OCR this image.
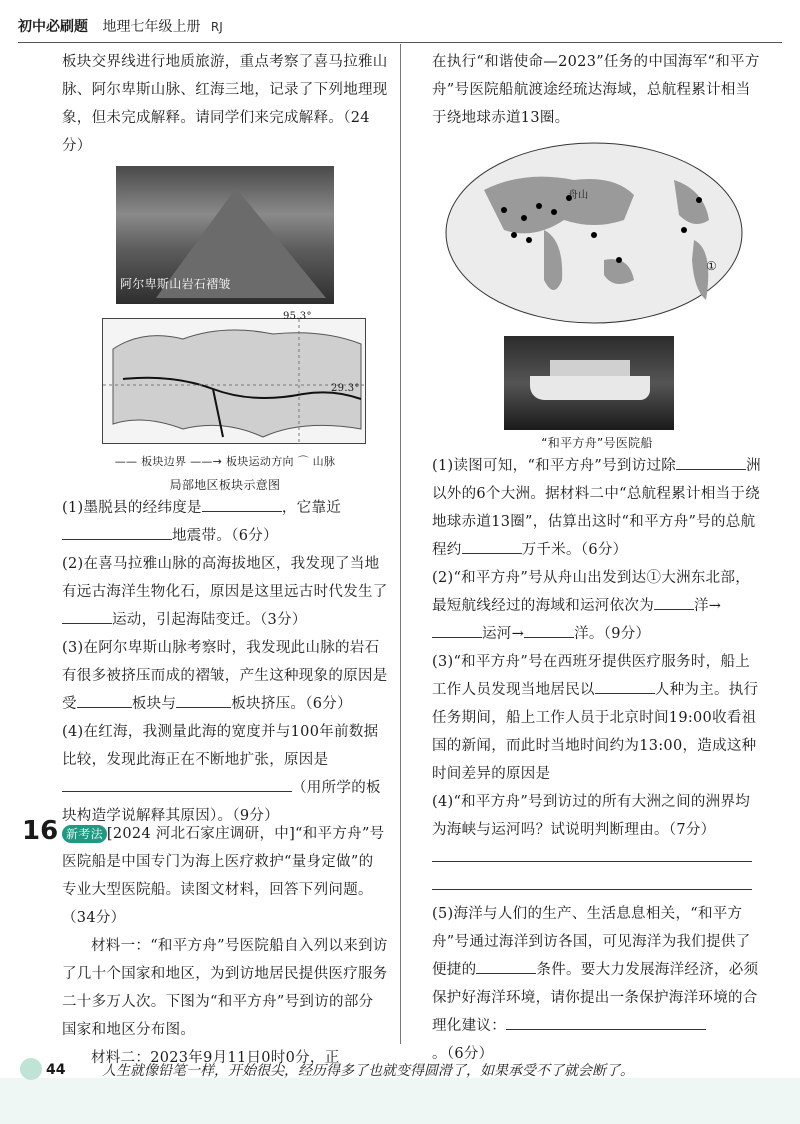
初中必刷题 地理七年级上册 RJ

板块交界线进行地质旅游，重点考察了喜马拉雅山脉、阿尔卑斯山脉、红海三地，记录了下列地理现象，但未完成解释。请同学们来完成解释。（24分）

阿尔卑斯山岩石褶皱
95.3°
29.3°
—— 板块边界 ——→ 板块运动方向 ⌒ 山脉
局部地区板块示意图

(1)墨脱县的经纬度是	，它靠近地震带。（6分）

(2)在喜马拉雅山脉的高海拔地区，我发现了当地有远古海洋生物化石，原因是这里远古时代发生了运动，引起海陆变迁。（3分）

(3)在阿尔卑斯山脉考察时，我发现此山脉的岩石有很多被挤压而成的褶皱，产生这种现象的原因是受	板块与	板块挤压。（6分）

(4)在红海，我测量此海的宽度并与100年前数据比较，发现此海正在不断地扩张，原因是（用所学的板块构造学说解释其原因）。（9分）

16 新考法 [2024 河北石家庄调研，中]“和平方舟”号医院船是中国专门为海上医疗救护“量身定做”的专业大型医院船。读图文材料，回答下列问题。（34分）

材料一：“和平方舟”号医院船自入列以来到访了几十个国家和地区，为到访地居民提供医疗服务二十多万人次。下图为“和平方舟”号到访的部分国家和地区分布图。

材料二：2023年9月11日0时0分，正

在执行“和谐使命—2023”任务的中国海军“和平方舟”号医院船航渡途经琉达海域，总航程累计相当于绕地球赤道13圈。

舟山
①
“和平方舟”号医院船

(1)读图可知，“和平方舟”号到访过除	洲以外的6个大洲。据材料二中“总航程累计相当于绕地球赤道13圈”，估算出这时“和平方舟”号的总航程约	万千米。（6分）

(2)“和平方舟”号从舟山出发到达①大洲东北部，最短航线经过的海域和运河依次为	洋→运河→	洋。（9分）

(3)“和平方舟”号在西班牙提供医疗服务时，船上工作人员发现当地居民以	人种为主。执行任务期间，船上工作人员于北京时间19:00收看祖国的新闻，而此时当地时间约为13:00，造成这种时间差异的原因是

(4)“和平方舟”号到访过的所有大洲之间的洲界均为海峡与运河吗？试说明判断理由。（7分）

(5)海洋与人们的生产、生活息息相关，“和平方舟”号通过海洋到访各国，可见海洋为我们提供了便捷的	条件。要大力发展海洋经济，必须保护好海洋环境，请你提出一条保护海洋环境的合理化建议：。（6分）

44	人生就像铅笔一样，开始很尖，经历得多了也就变得圆滑了，如果承受不了就会断了。
